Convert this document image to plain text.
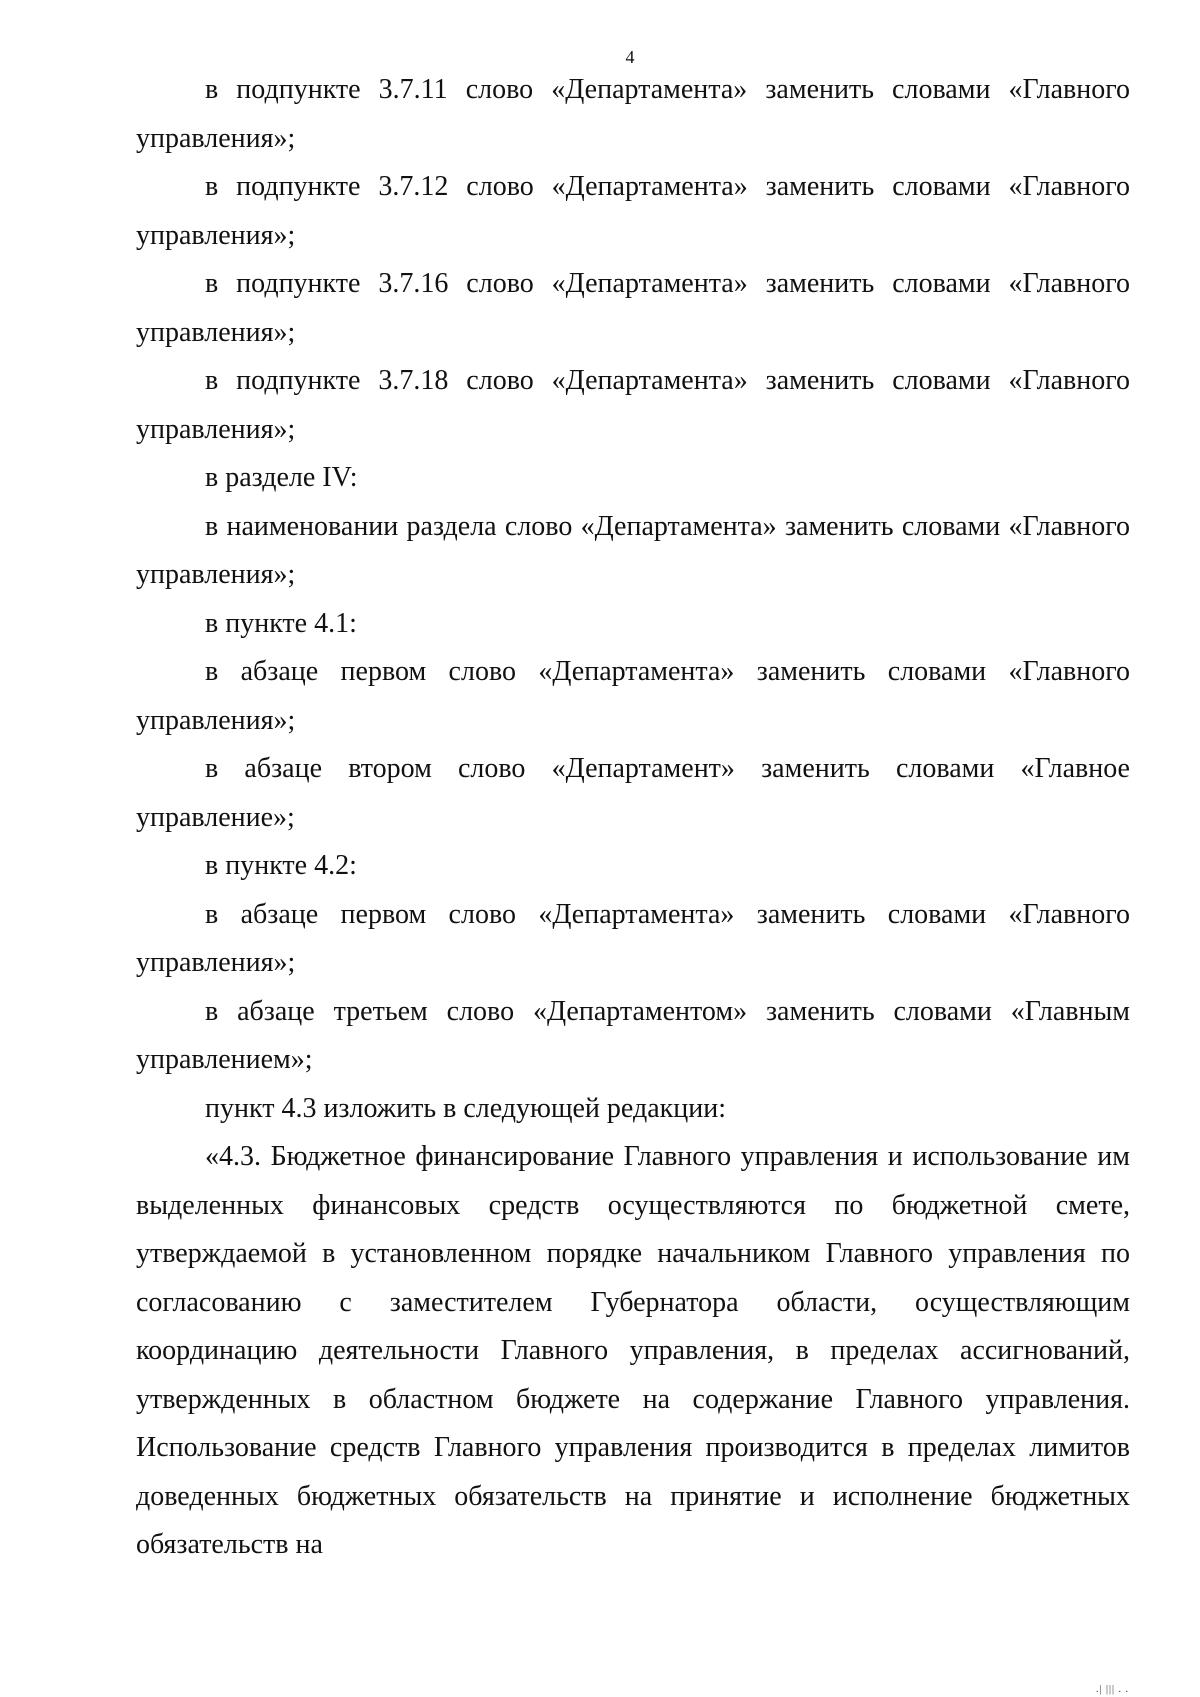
4

в подпункте 3.7.11 слово «Департамента» заменить словами «Главного управления»;

в подпункте 3.7.12 слово «Департамента» заменить словами «Главного управления»;

в подпункте 3.7.16 слово «Департамента» заменить словами «Главного управления»;

в подпункте 3.7.18 слово «Департамента» заменить словами «Главного управления»;

в разделе IV:

в наименовании раздела слово «Департамента» заменить словами «Главного управления»;

в пункте 4.1:

в абзаце первом слово «Департамента» заменить словами «Главного управления»;

в абзаце втором слово «Департамент» заменить словами «Главное управление»;

в пункте 4.2:

в абзаце первом слово «Департамента» заменить словами «Главного управления»;

в абзаце третьем слово «Департаментом» заменить словами «Главным управлением»;

пункт 4.3 изложить в следующей редакции:

«4.3. Бюджетное финансирование Главного управления и использование им выделенных финансовых средств осуществляются по бюджетной смете, утверждаемой в установленном порядке начальником Главного управления по согласованию с заместителем Губернатора области, осуществляющим координацию деятельности Главного управления, в пределах ассигнований, утвержденных в областном бюджете на содержание Главного управления. Использование средств Главного управления производится в пределах лимитов доведенных бюджетных обязательств на принятие и исполнение бюджетных обязательств на

.| ||| . .
